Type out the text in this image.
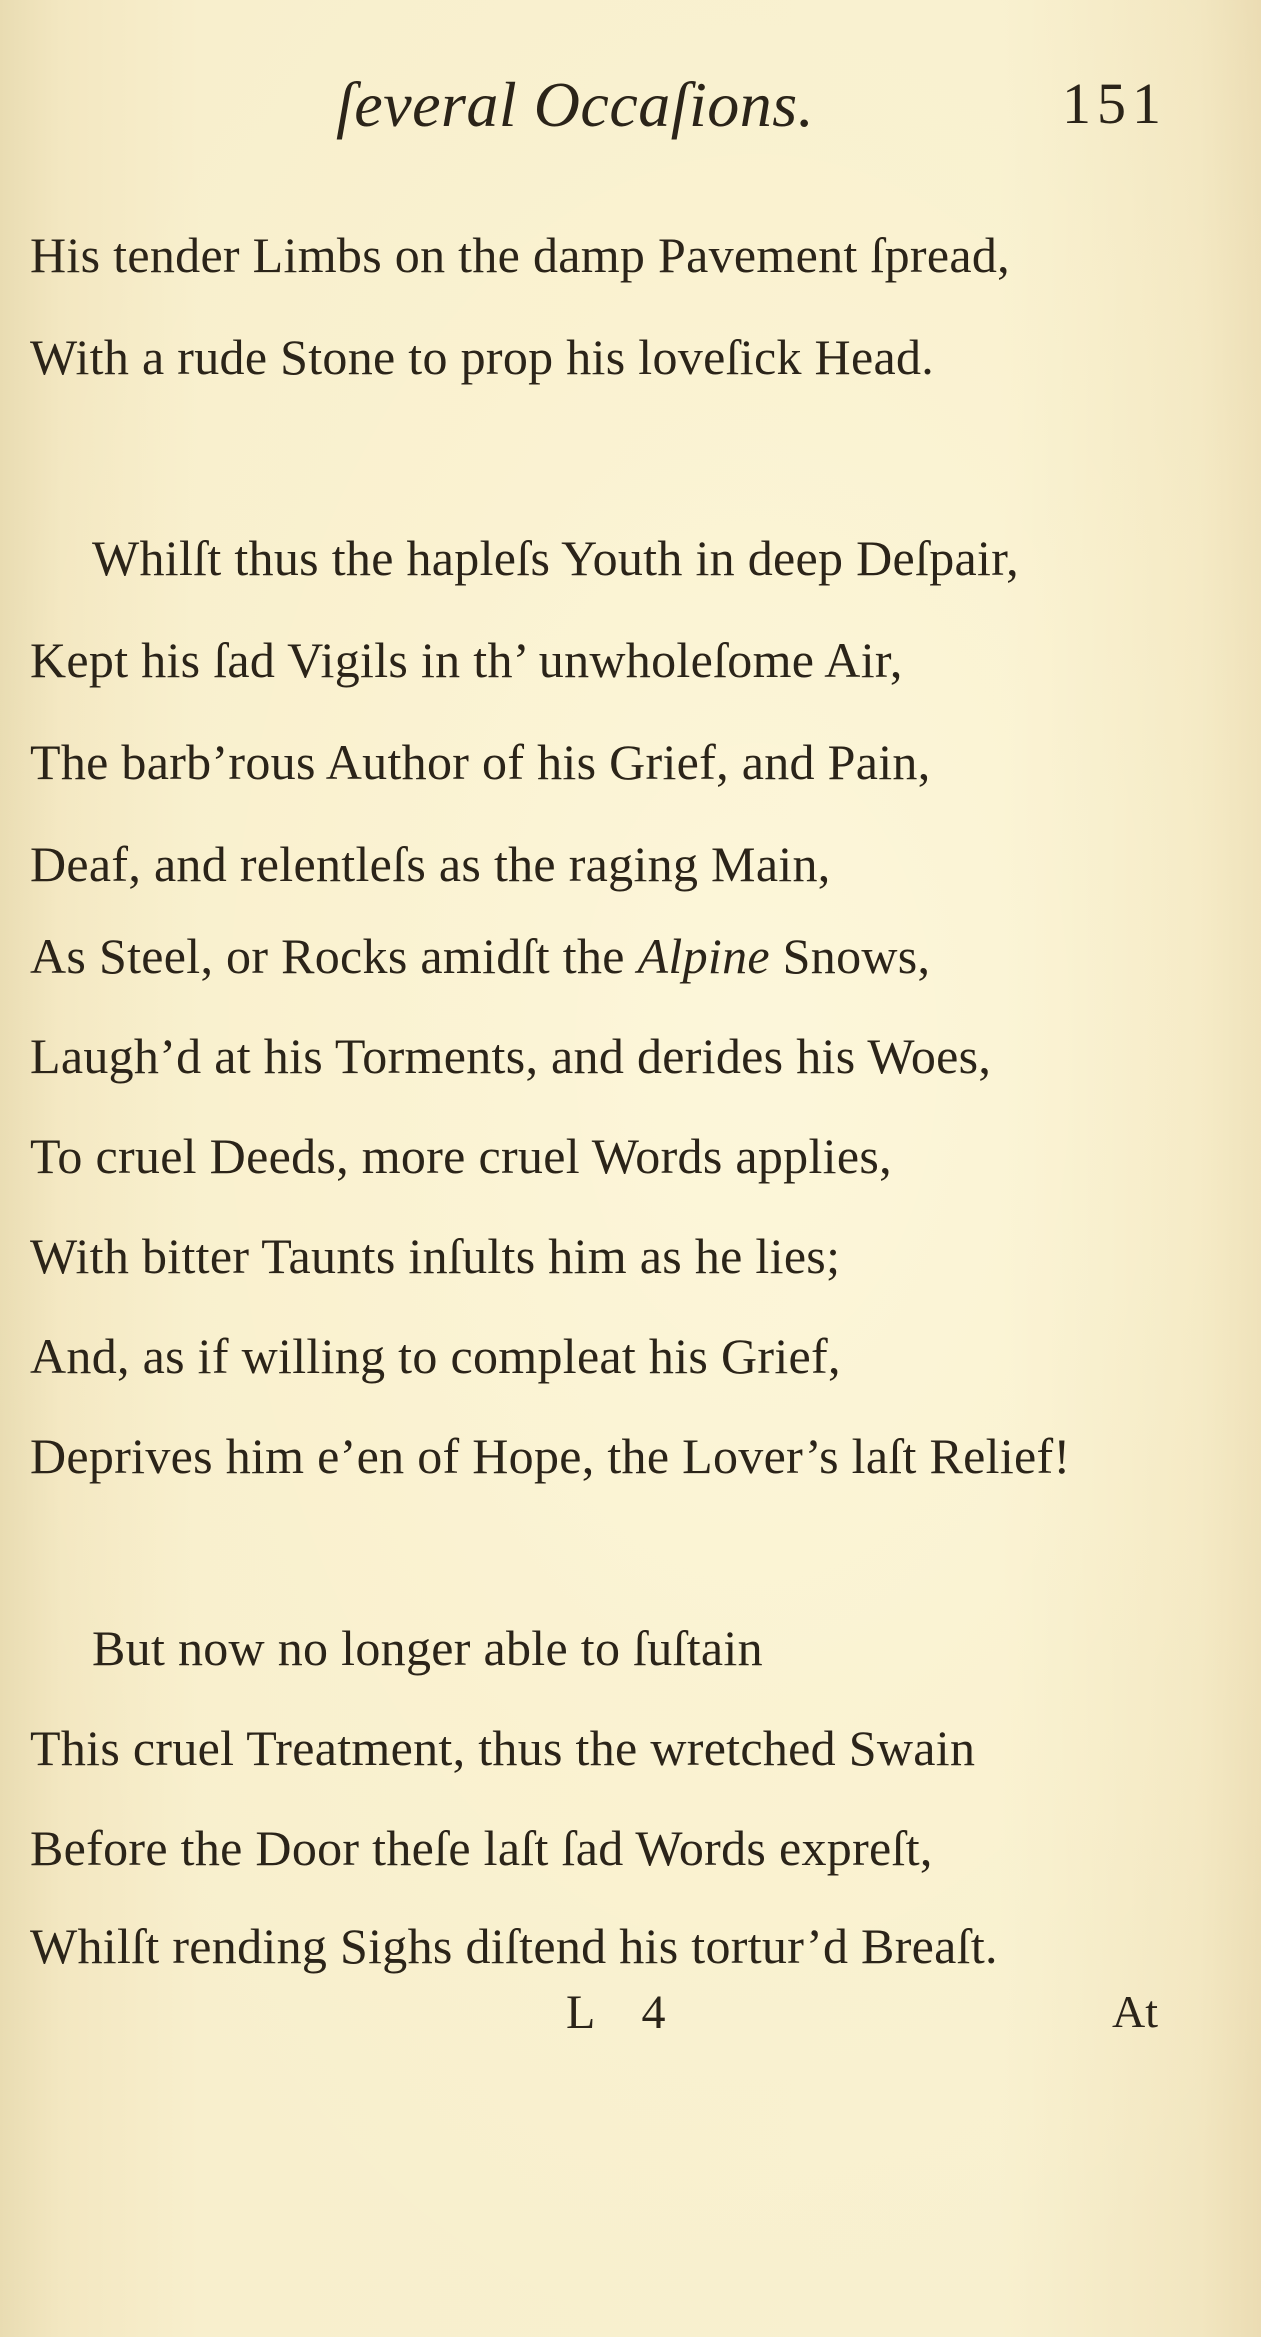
ſeveral Occaſions.	151
His tender Limbs on the damp Pavement ſpread,
With a rude Stone to prop his loveſick Head.
Whilſt thus the hapleſs Youth in deep Deſpair,
Kept his ſad Vigils in th’ unwholeſome Air,
The barb’rous Author of his Grief, and Pain,
Deaf, and relentleſs as the raging Main,
As Steel, or Rocks amidſt the Alpine Snows,
Laugh’d at his Torments, and derides his Woes,
To cruel Deeds, more cruel Words applies,
With bitter Taunts inſults him as he lies;
And, as if willing to compleat his Grief,
Deprives him e’en of Hope, the Lover’s laſt Relief!
But now no longer able to ſuſtain
This cruel Treatment, thus the wretched Swain
Before the Door theſe laſt ſad Words expreſt,
Whilſt rending Sighs diſtend his tortur’d Breaſt.
L 4	At
